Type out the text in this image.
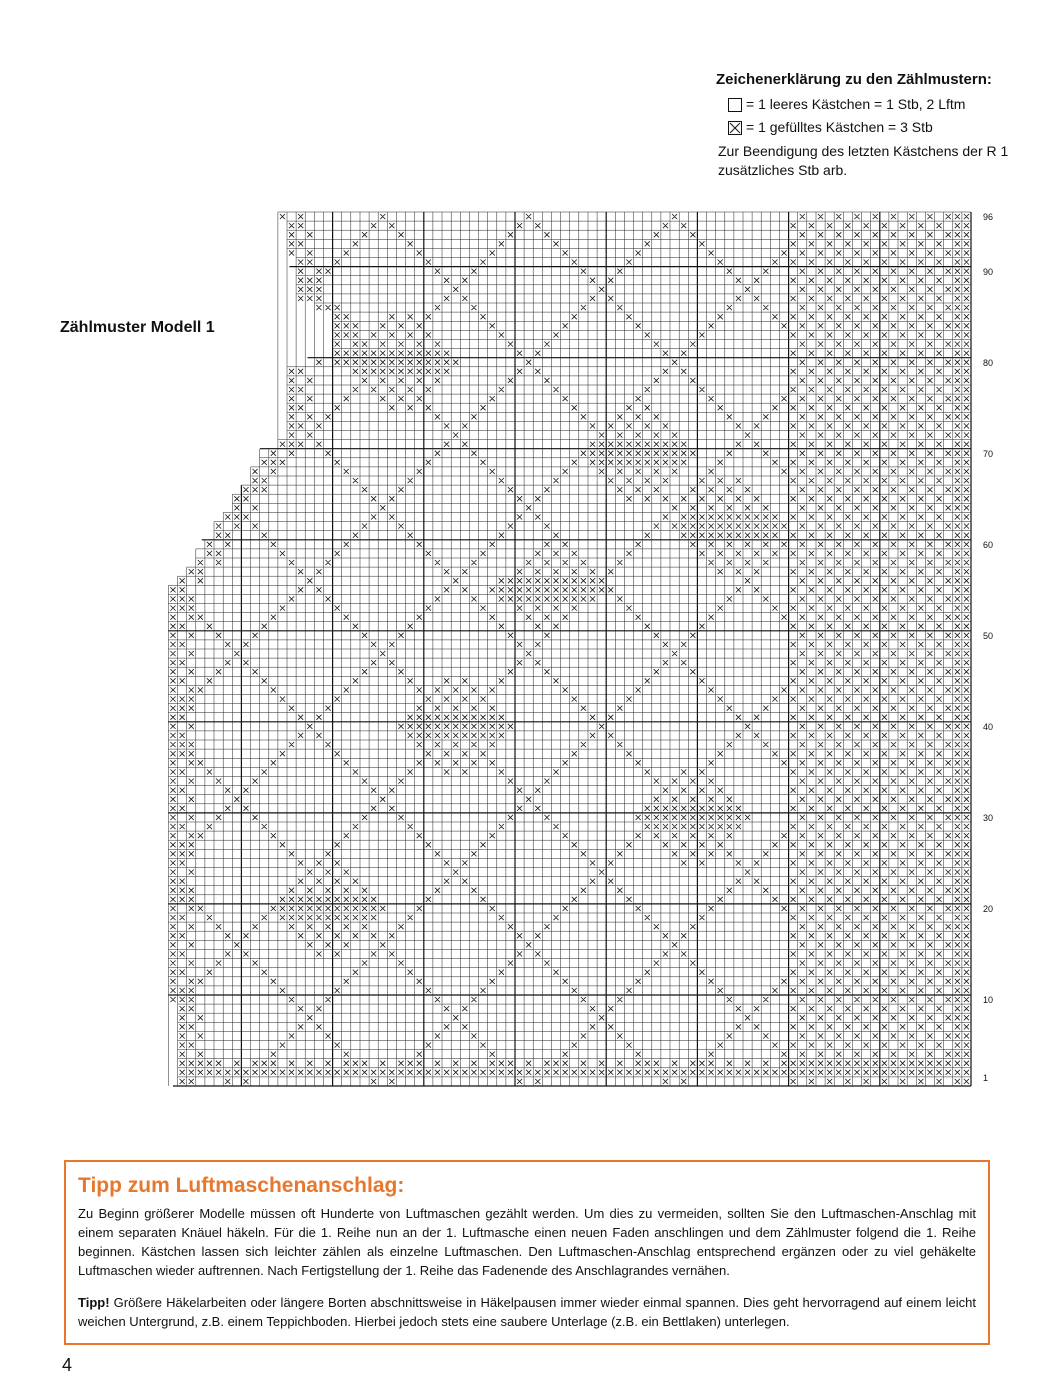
Zeichenerklärung zu den Zählmustern:
= 1 leeres Kästchen = 1 Stb, 2 Lftm
= 1 gefülltes Kästchen = 3 Stb
Zur Beendigung des letzten Kästchens der R 1 zusätzliches Stb arb.
Zählmuster Modell 1
96
90
80
70
60
50
40
30
20
10
1
Tipp zum Luftmaschenanschlag:

Zu Beginn größerer Modelle müssen oft Hunderte von Luftmaschen gezählt werden. Um dies zu vermeiden, sollten Sie den Luftmaschen-Anschlag mit einem separaten Knäuel häkeln. Für die 1. Reihe nun an der 1. Luftmasche einen neuen Faden anschlingen und dem Zählmuster folgend die 1. Reihe beginnen. Kästchen lassen sich leichter zählen als einzelne Luftmaschen. Den Luftmaschen-Anschlag entsprechend ergänzen oder zu viel gehäkelte Luftmaschen wieder auftrennen. Nach Fertigstellung der 1. Reihe das Fadenende des Anschlagrandes vernähen.

Tipp! Größere Häkelarbeiten oder längere Borten abschnittsweise in Häkelpausen immer wieder einmal spannen. Dies geht hervorragend auf einem leicht weichen Untergrund, z.B. einem Teppichboden. Hierbei jedoch stets eine saubere Unterlage (z.B. ein Bettlaken) unterlegen.

4
